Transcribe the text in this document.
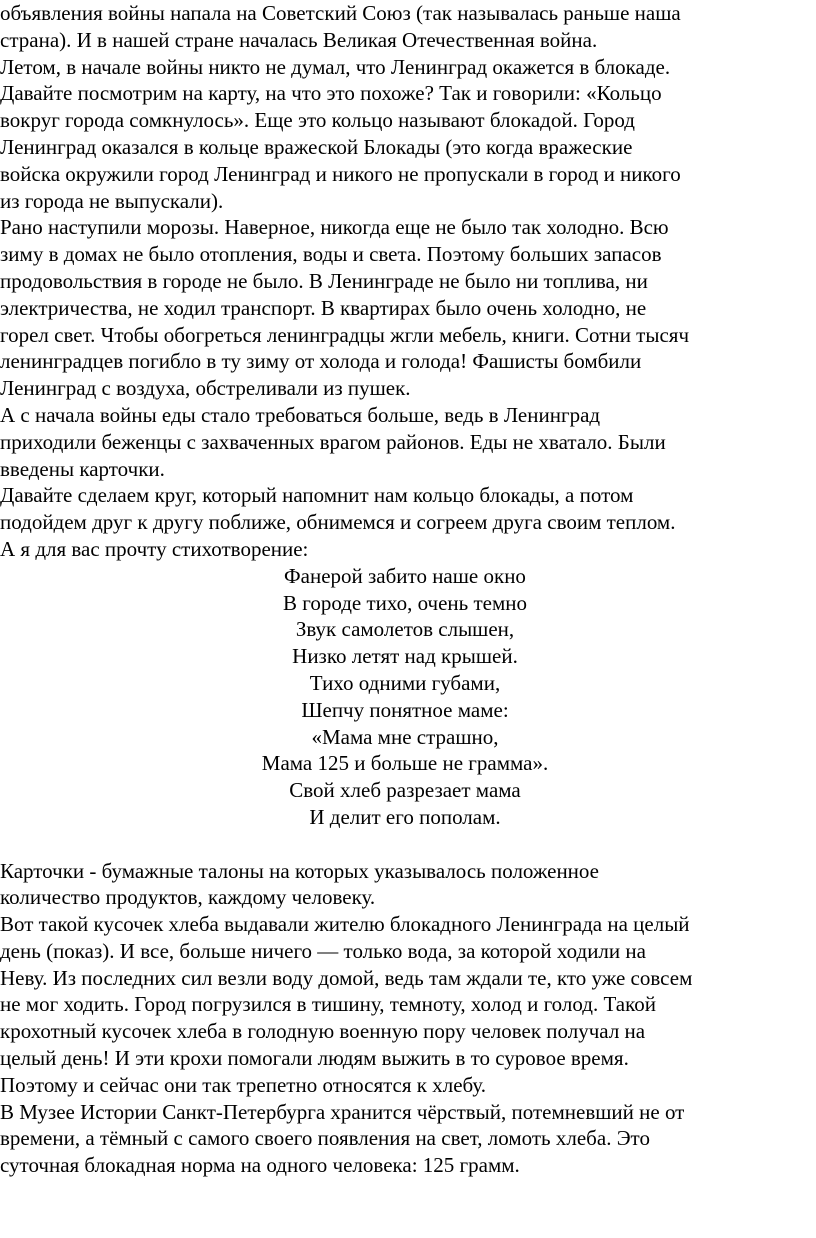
объявления войны напала на Советский Союз (так называлась раньше наша
страна). И в нашей стране началась Великая Отечественная война.

Летом, в начале войны никто не думал, что Ленинград окажется в блокаде.
Давайте посмотрим на карту, на что это похоже? Так и говорили: «Кольцо
вокруг города сомкнулось». Еще это кольцо называют блокадой. Город
Ленинград оказался в кольце вражеской Блокады (это когда вражеские
войска окружили город Ленинград и никого не пропускали в город и никого
из города не выпускали).

Рано наступили морозы. Наверное, никогда еще не было так холодно. Всю
зиму в домах не было отопления, воды и света. Поэтому больших запасов
продовольствия в городе не было. В Ленинграде не было ни топлива, ни
электричества, не ходил транспорт. В квартирах было очень холодно, не
горел свет. Чтобы обогреться ленинградцы жгли мебель, книги. Сотни тысяч
ленинградцев погибло в ту зиму от холода и голода! Фашисты бомбили
Ленинград с воздуха, обстреливали из пушек.

А с начала войны еды стало требоваться больше, ведь в Ленинград
приходили беженцы с захваченных врагом районов. Еды не хватало. Были
введены карточки.

Давайте сделаем круг, который напомнит нам кольцо блокады, а потом
подойдем друг к другу поближе, обнимемся и согреем друга своим теплом.

А я для вас прочту стихотворение:

Фанерой забито наше окно
В городе тихо, очень темно
Звук самолетов слышен,
Низко летят над крышей.
Тихо одними губами,
Шепчу понятное маме:
«Мама мне страшно,
Мама 125 и больше не грамма».
Свой хлеб разрезает мама
И делит его пополам.

Карточки - бумажные талоны на которых указывалось положенное
количество продуктов, каждому человеку.

Вот такой кусочек хлеба выдавали жителю блокадного Ленинграда на целый
день (показ). И все, больше ничего — только вода, за которой ходили на
Неву. Из последних сил везли воду домой, ведь там ждали те, кто уже совсем
не мог ходить. Город погрузился в тишину, темноту, холод и голод. Такой
крохотный кусочек хлеба в голодную военную пору человек получал на
целый день! И эти крохи помогали людям выжить в то суровое время.
Поэтому и сейчас они так трепетно относятся к хлебу.

В Музее Истории Санкт-Петербурга хранится чёрствый, потемневший не от
времени, а тёмный с самого своего появления на свет, ломоть хлеба. Это
суточная блокадная норма на одного человека: 125 грамм.
